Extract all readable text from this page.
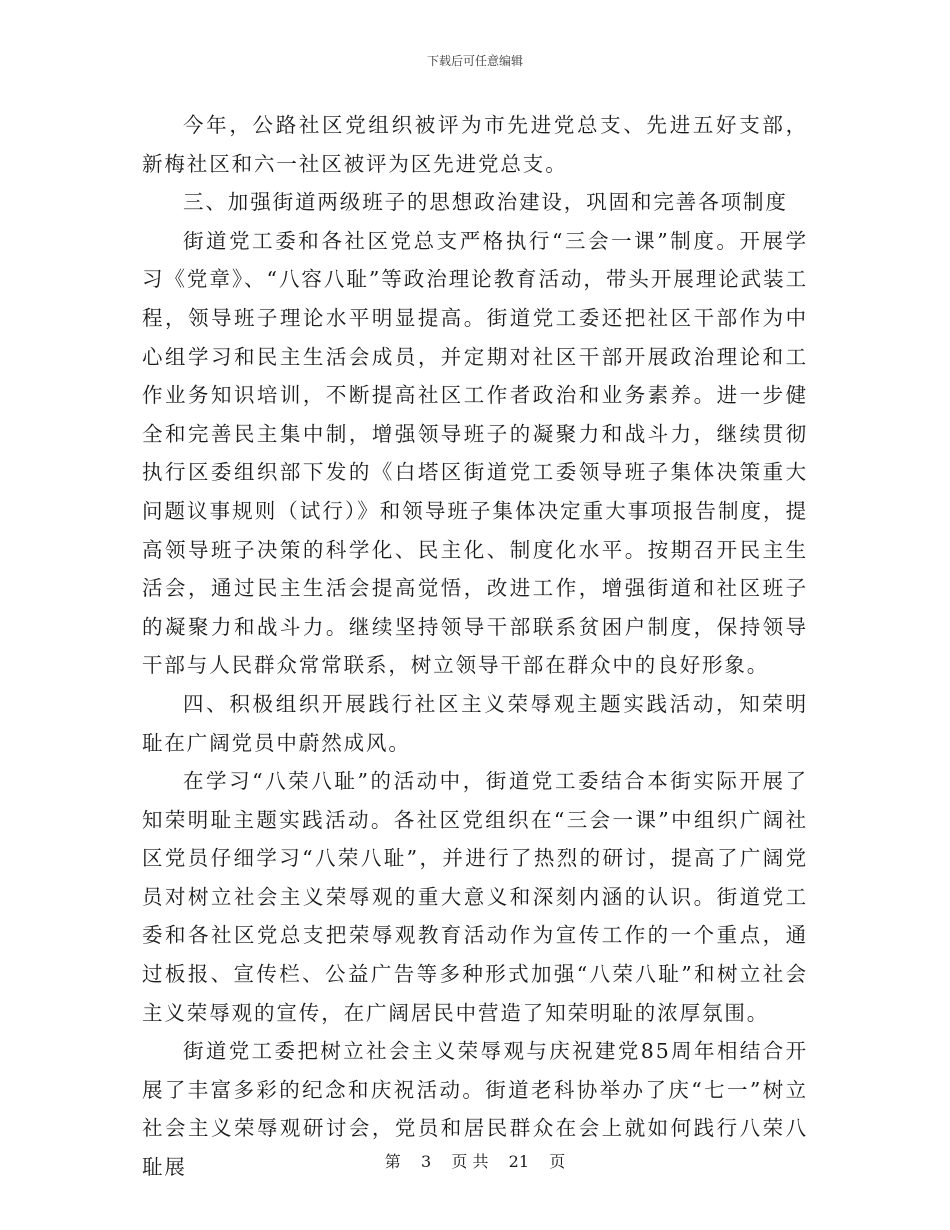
下载后可任意编辑

今年，公路社区党组织被评为市先进党总支、先进五好支部，新梅社区和六一社区被评为区先进党总支。

三、加强街道两级班子的思想政治建设，巩固和完善各项制度

街道党工委和各社区党总支严格执行“三会一课”制度。开展学习《党章》、“八容八耻”等政治理论教育活动，带头开展理论武装工程，领导班子理论水平明显提高。街道党工委还把社区干部作为中心组学习和民主生活会成员，并定期对社区干部开展政治理论和工作业务知识培训，不断提高社区工作者政治和业务素养。进一步健全和完善民主集中制，增强领导班子的凝聚力和战斗力，继续贯彻执行区委组织部下发的《白塔区街道党工委领导班子集体决策重大问题议事规则（试行）》和领导班子集体决定重大事项报告制度，提高领导班子决策的科学化、民主化、制度化水平。按期召开民主生活会，通过民主生活会提高觉悟，改进工作，增强街道和社区班子的凝聚力和战斗力。继续坚持领导干部联系贫困户制度，保持领导干部与人民群众常常联系，树立领导干部在群众中的良好形象。

四、积极组织开展践行社区主义荣辱观主题实践活动，知荣明耻在广阔党员中蔚然成风。

在学习“八荣八耻”的活动中，街道党工委结合本街实际开展了知荣明耻主题实践活动。各社区党组织在“三会一课”中组织广阔社区党员仔细学习“八荣八耻”，并进行了热烈的研讨，提高了广阔党员对树立社会主义荣辱观的重大意义和深刻内涵的认识。街道党工委和各社区党总支把荣辱观教育活动作为宣传工作的一个重点，通过板报、宣传栏、公益广告等多种形式加强“八荣八耻”和树立社会主义荣辱观的宣传，在广阔居民中营造了知荣明耻的浓厚氛围。

街道党工委把树立社会主义荣辱观与庆祝建党85周年相结合开展了丰富多彩的纪念和庆祝活动。街道老科协举办了庆“七一”树立社会主义荣辱观研讨会，党员和居民群众在会上就如何践行八荣八耻展	第 3 页 共 21 页
